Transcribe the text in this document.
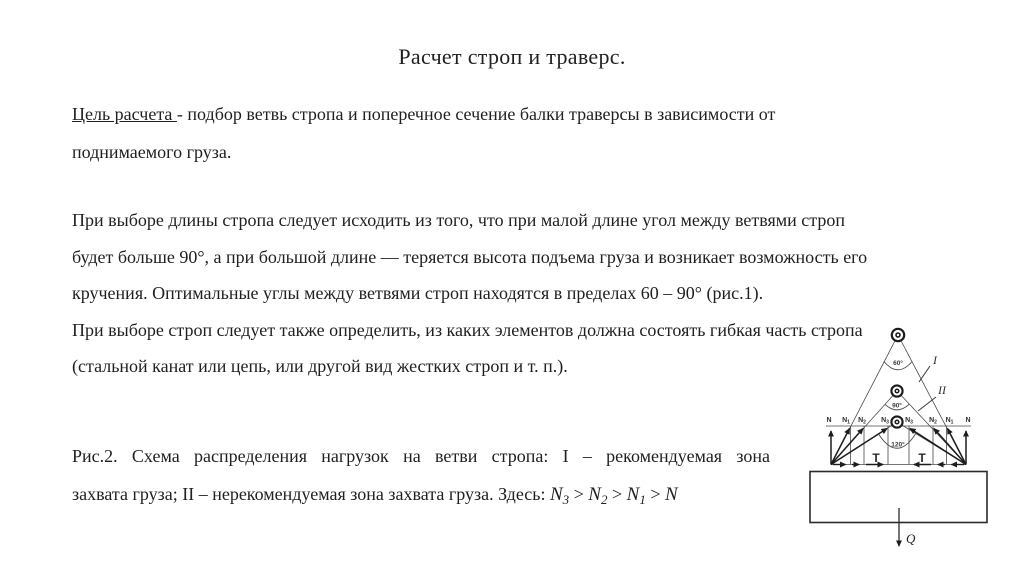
Расчет строп и траверс.
Цель расчета - подбор ветвь стропа и поперечное сечение балки траверсы в зависимости от
поднимаемого груза.
При выборе длины стропа следует исходить из того, что при малой длине угол между ветвями строп
будет больше 90°, а при большой длине — теряется высота подъема груза и возникает возможность его
кручения. Оптимальные углы между ветвями строп находятся в пределах 60 – 90° (рис.1).
При выборе строп следует также определить, из каких элементов должна состоять гибкая часть стропа
(стальной канат или цепь, или другой вид жестких строп и т. п.).
Рис.2. Схема распределения нагрузок на ветви стропа: I – рекомендуемая зона
захвата груза; II – нерекомендуемая зона захвата груза. Здесь: $N_3 > N_2 > N_1 > N$
60°
90°
120°
I
II
N $N_1$ $N_2$ $N_3$ $N_3$ $N_2$ $N_1$ N
T	T
Q
